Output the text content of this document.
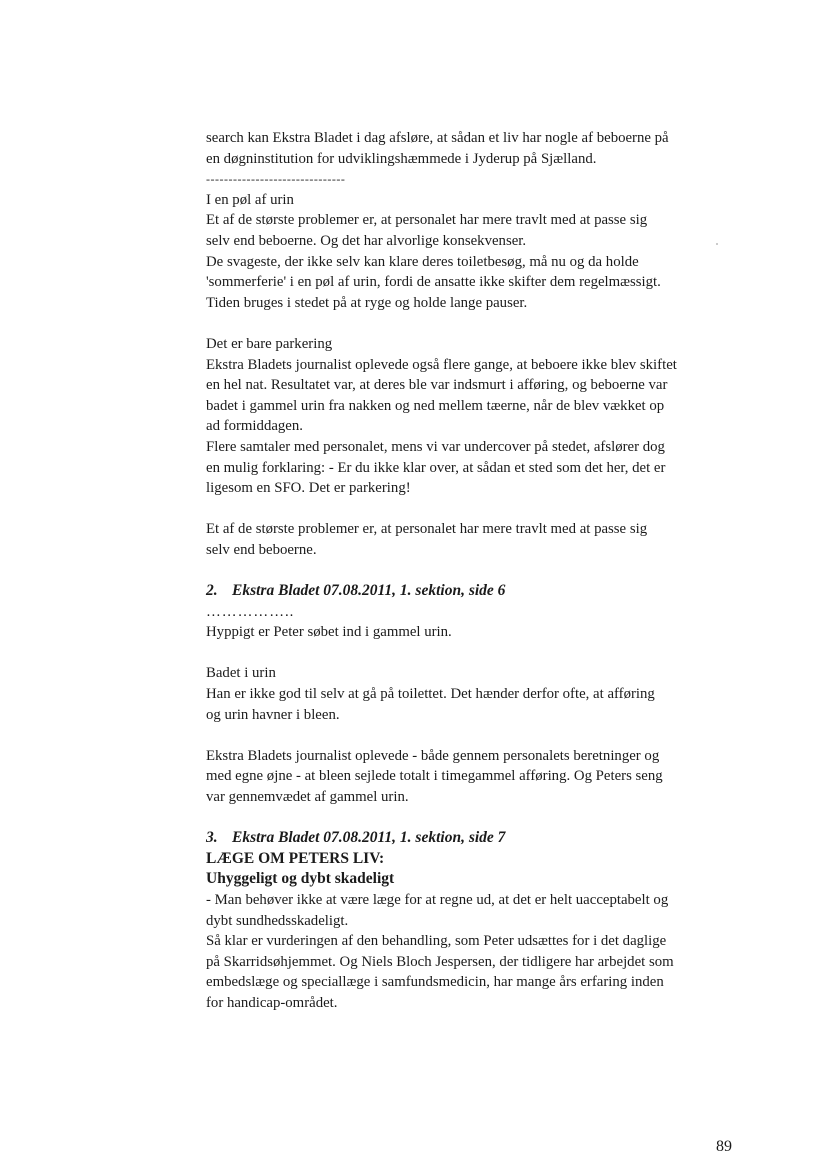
search kan Ekstra Bladet i dag afsløre, at sådan et liv har nogle af beboerne på

en døgninstitution for udviklingshæmmede i Jyderup på Sjælland.

-------------------------------

I en pøl af urin

Et af de største problemer er, at personalet har mere travlt med at passe sig

selv end beboerne. Og det har alvorlige konsekvenser.

De svageste, der ikke selv kan klare deres toiletbesøg, må nu og da holde

'sommerferie' i en pøl af urin, fordi de ansatte ikke skifter dem regelmæssigt.

Tiden bruges i stedet på at ryge og holde lange pauser.

Det er bare parkering

Ekstra Bladets journalist oplevede også flere gange, at beboere ikke blev skiftet

en hel nat. Resultatet var, at deres ble var indsmurt i afføring, og beboerne var

badet i gammel urin fra nakken og ned mellem tæerne, når de blev vækket op

ad formiddagen.

Flere samtaler med personalet, mens vi var undercover på stedet, afslører dog

en mulig forklaring: - Er du ikke klar over, at sådan et sted som det her, det er

ligesom en SFO. Det er parkering!

Et af de største problemer er, at personalet har mere travlt med at passe sig

selv end beboerne.

2. Ekstra Bladet 07.08.2011, 1. sektion, side 6

……………..

Hyppigt er Peter søbet ind i gammel urin.

Badet i urin

Han er ikke god til selv at gå på toilettet. Det hænder derfor ofte, at afføring

og urin havner i bleen.

Ekstra Bladets journalist oplevede - både gennem personalets beretninger og

med egne øjne - at bleen sejlede totalt i timegammel afføring. Og Peters seng

var gennemvædet af gammel urin.

3. Ekstra Bladet 07.08.2011, 1. sektion, side 7

LÆGE OM PETERS LIV:

Uhyggeligt og dybt skadeligt

- Man behøver ikke at være læge for at regne ud, at det er helt uacceptabelt og

dybt sundhedsskadeligt.

Så klar er vurderingen af den behandling, som Peter udsættes for i det daglige

på Skarridsøhjemmet. Og Niels Bloch Jespersen, der tidligere har arbejdet som

embedslæge og speciallæge i samfundsmedicin, har mange års erfaring inden

for handicap-området.

89
